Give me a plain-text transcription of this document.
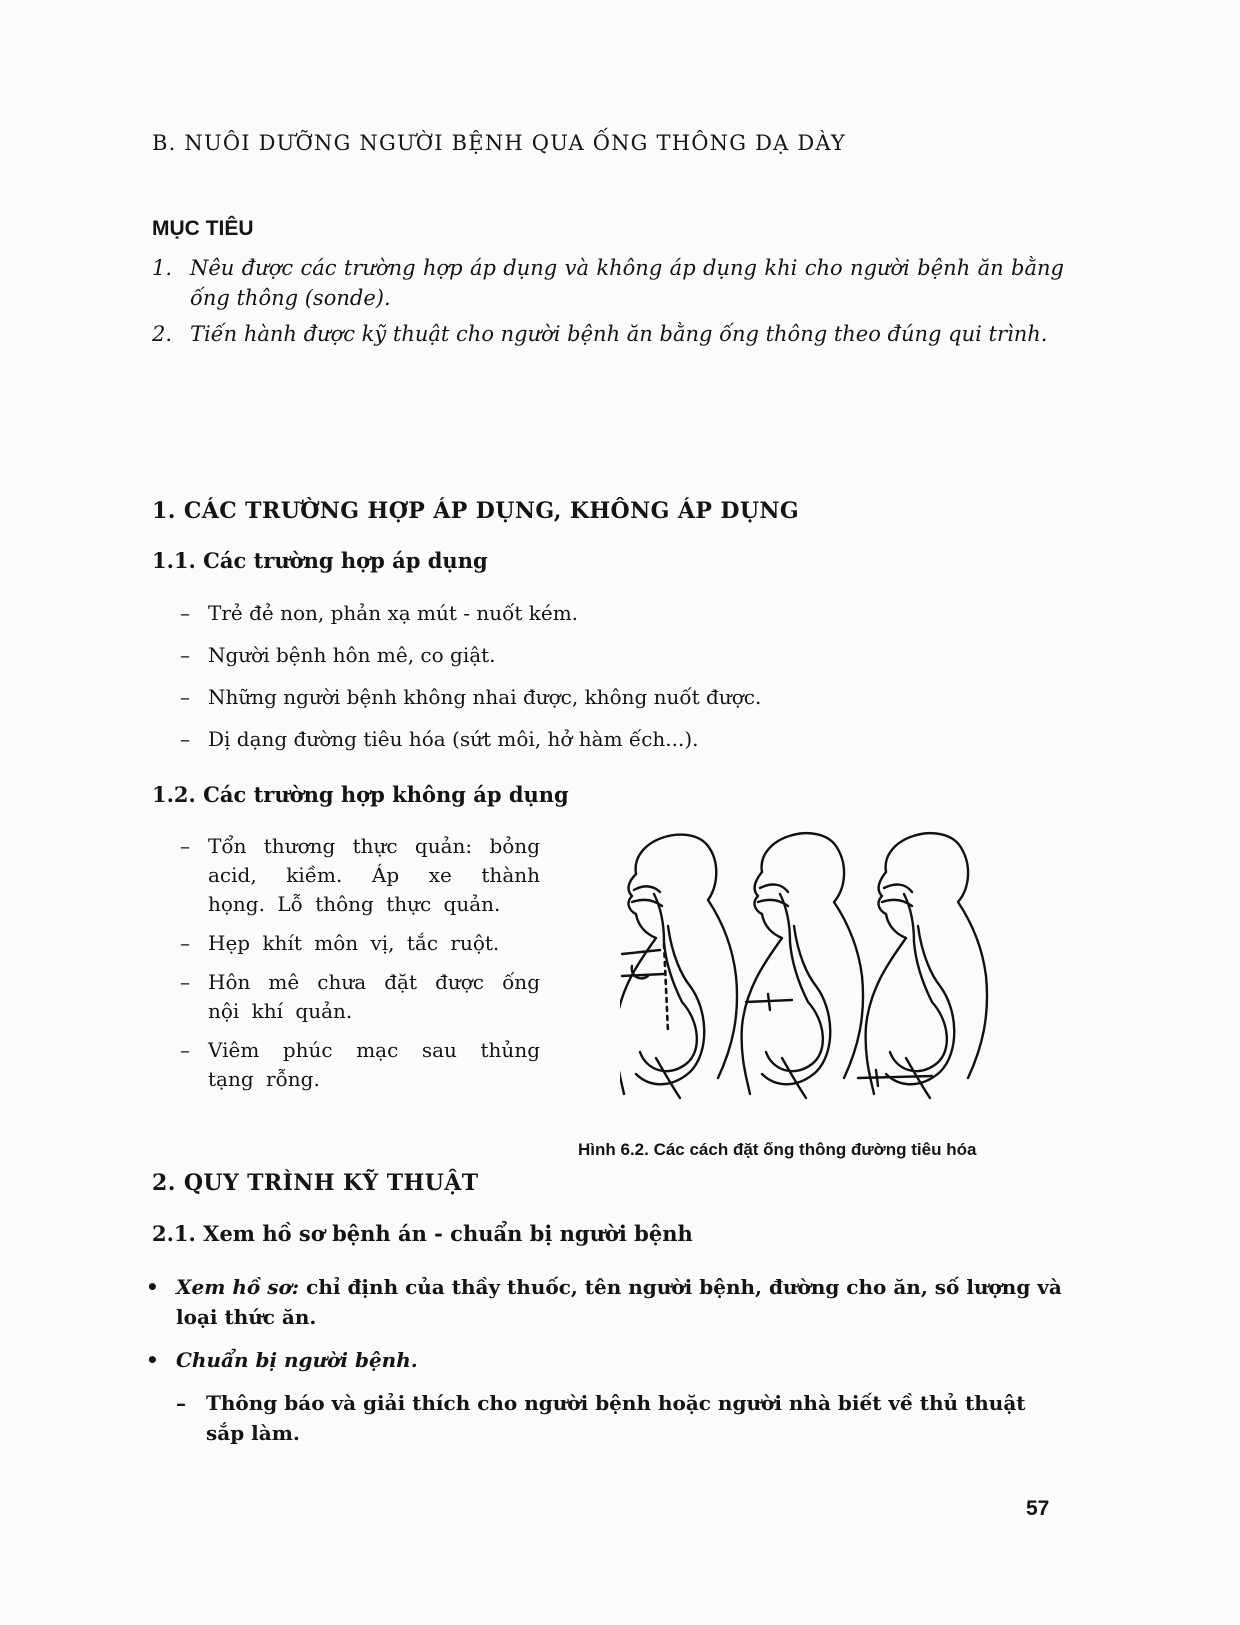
B. NUÔI DƯỠNG NGƯỜI BỆNH QUA ỐNG THÔNG DẠ DÀY
MỤC TIÊU
1. Nêu được các trường hợp áp dụng và không áp dụng khi cho người bệnh ăn bằng ống thông (sonde).
2. Tiến hành được kỹ thuật cho người bệnh ăn bằng ống thông theo đúng qui trình.
1. CÁC TRƯỜNG HỢP ÁP DỤNG, KHÔNG ÁP DỤNG
1.1. Các trường hợp áp dụng
– Trẻ đẻ non, phản xạ mút - nuốt kém.
– Người bệnh hôn mê, co giật.
– Những người bệnh không nhai được, không nuốt được.
– Dị dạng đường tiêu hóa (sứt môi, hở hàm ếch...).
1.2. Các trường hợp không áp dụng
– Tổn thương thực quản: bỏng acid, kiềm. Áp xe thành họng. Lỗ thông thực quản.
– Hẹp khít môn vị, tắc ruột.
– Hôn mê chưa đặt được ống nội khí quản.
– Viêm phúc mạc sau thủng tạng rỗng.
Hình 6.2. Các cách đặt ống thông đường tiêu hóa
2. QUY TRÌNH KỸ THUẬT
2.1. Xem hồ sơ bệnh án - chuẩn bị người bệnh
• Xem hồ sơ: chỉ định của thầy thuốc, tên người bệnh, đường cho ăn, số lượng và loại thức ăn.
• Chuẩn bị người bệnh.
–	Thông báo và giải thích cho người bệnh hoặc người nhà biết về thủ thuật sắp làm.
57
